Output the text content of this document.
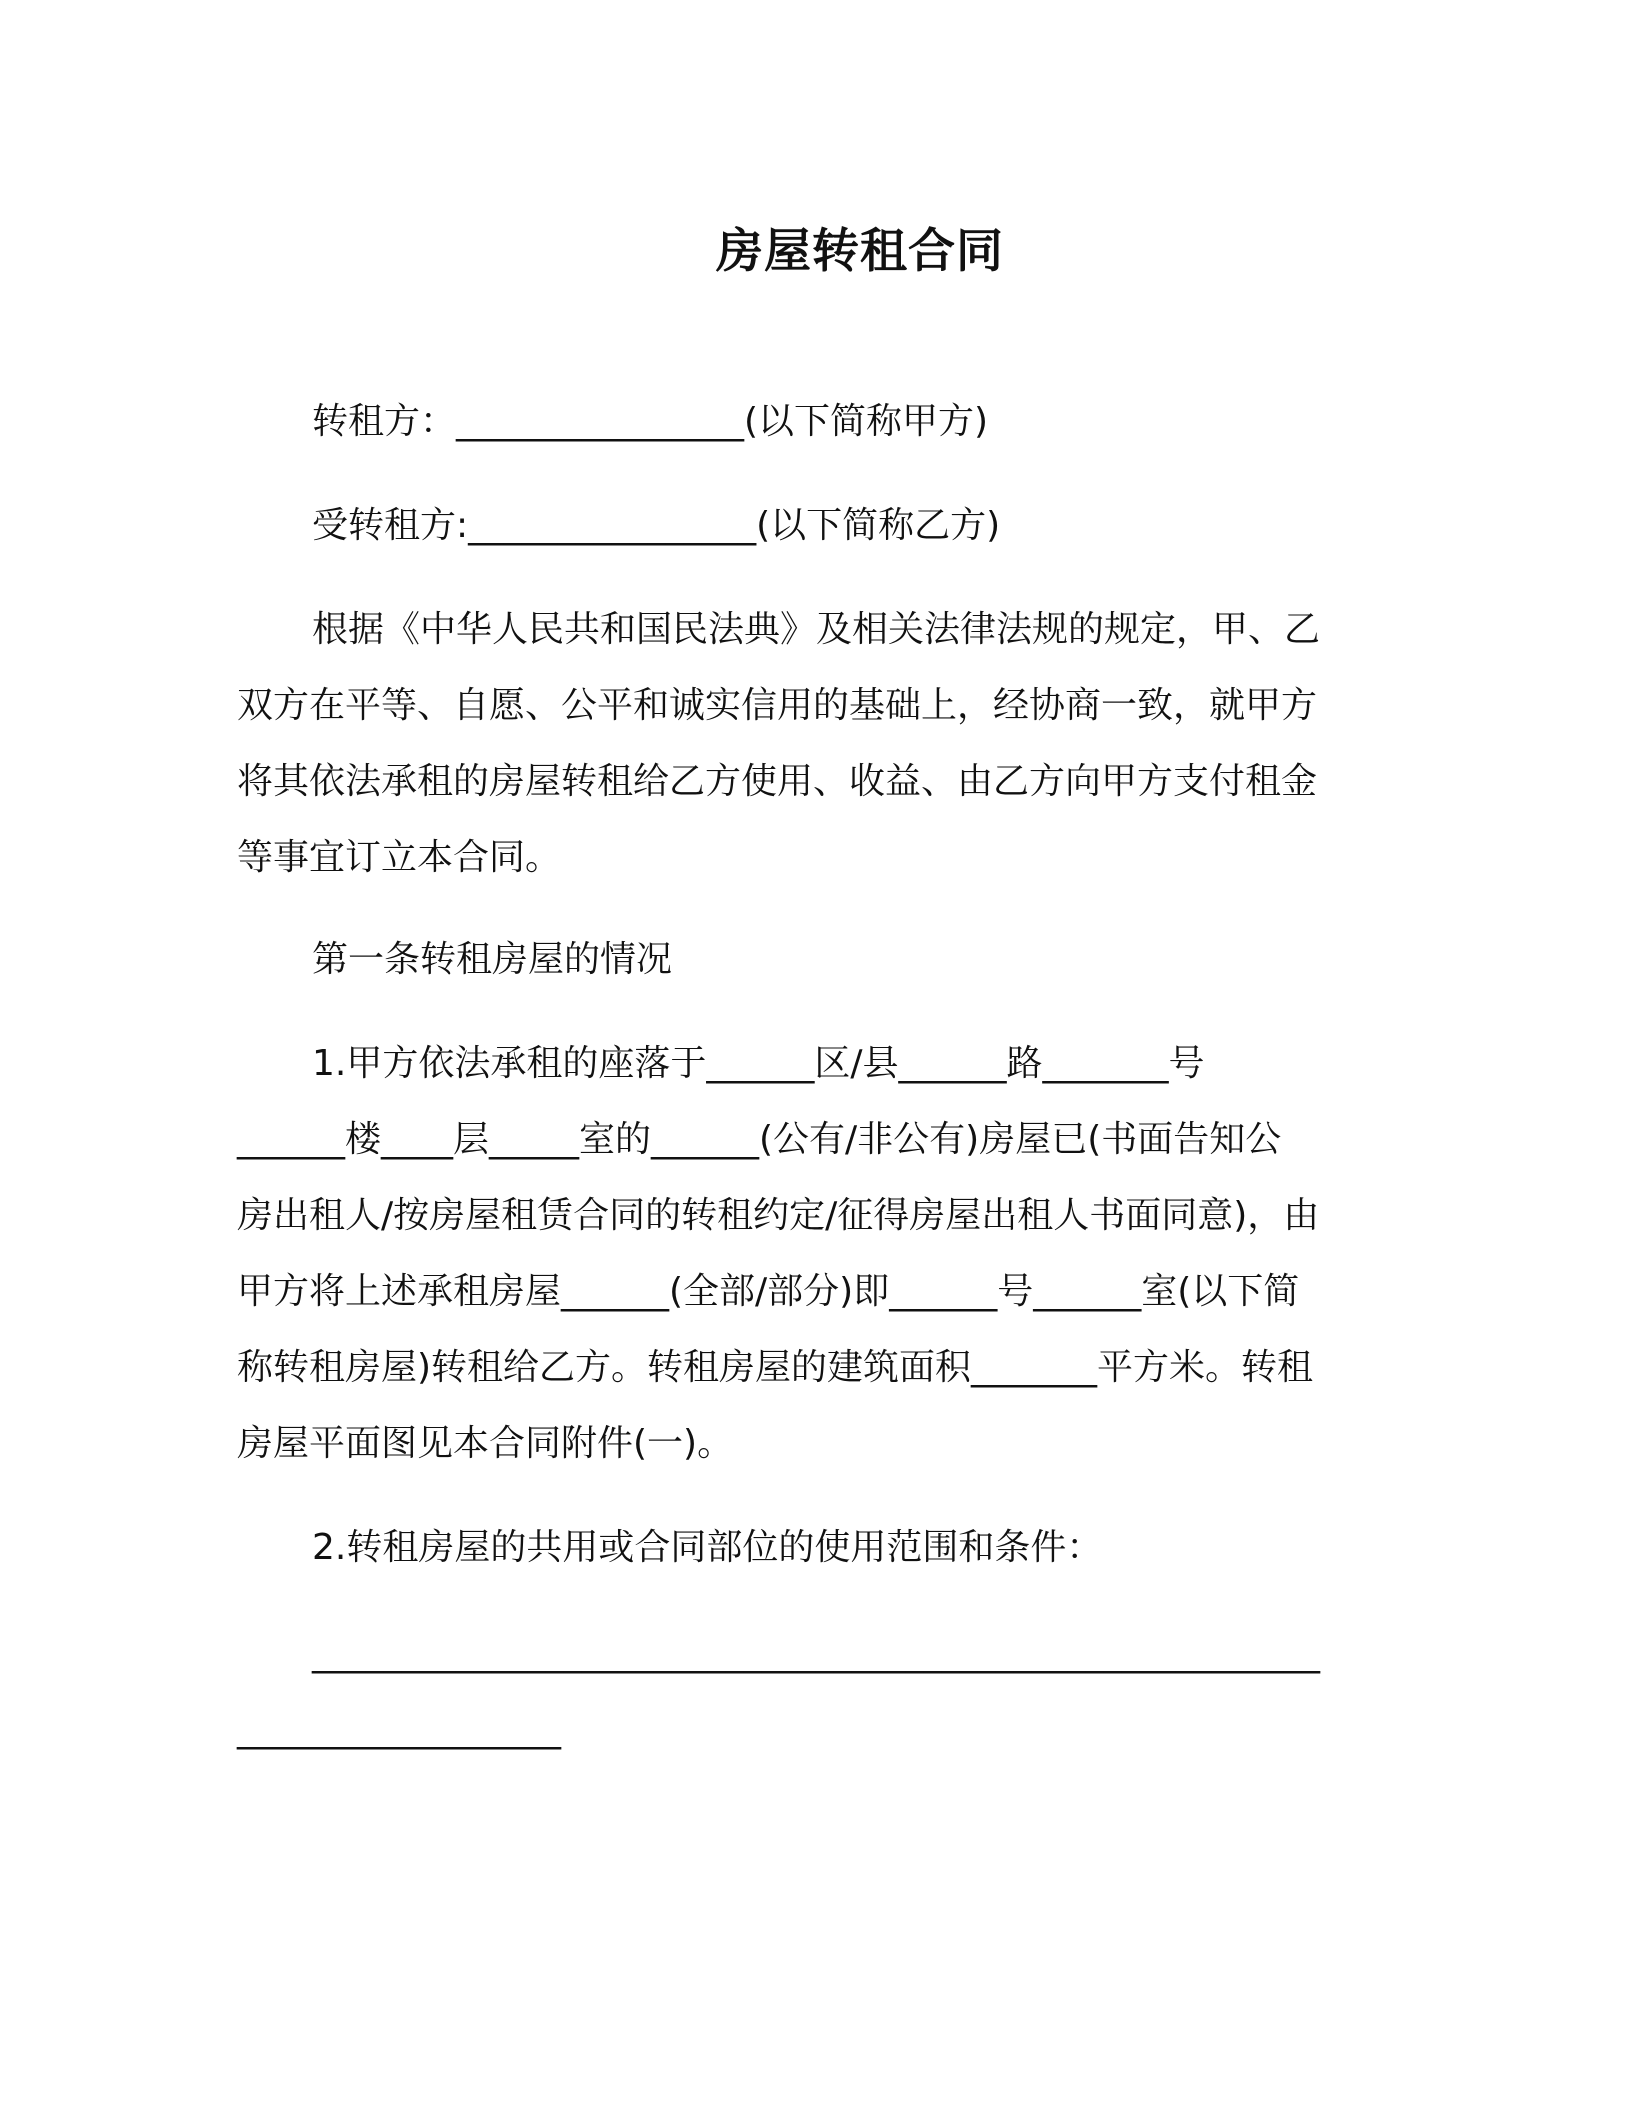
房屋转租合同
转租方：________________(以下简称甲方)
受转租方:________________(以下简称乙方)
根据《中华人民共和国民法典》及相关法律法规的规定，甲、乙
双方在平等、自愿、公平和诚实信用的基础上，经协商一致，就甲方
将其依法承租的房屋转租给乙方使用、收益、由乙方向甲方支付租金
等事宜订立本合同。
第一条转租房屋的情况
1.甲方依法承租的座落于______区/县______路_______号
______楼____层_____室的______(公有/非公有)房屋已(书面告知公
房出租人/按房屋租赁合同的转租约定/征得房屋出租人书面同意)，由
甲方将上述承租房屋______(全部/部分)即______号______室(以下简
称转租房屋)转租给乙方。转租房屋的建筑面积_______平方米。转租
房屋平面图见本合同附件(一)。
2.转租房屋的共用或合同部位的使用范围和条件：
________________________________________________________
__________________
